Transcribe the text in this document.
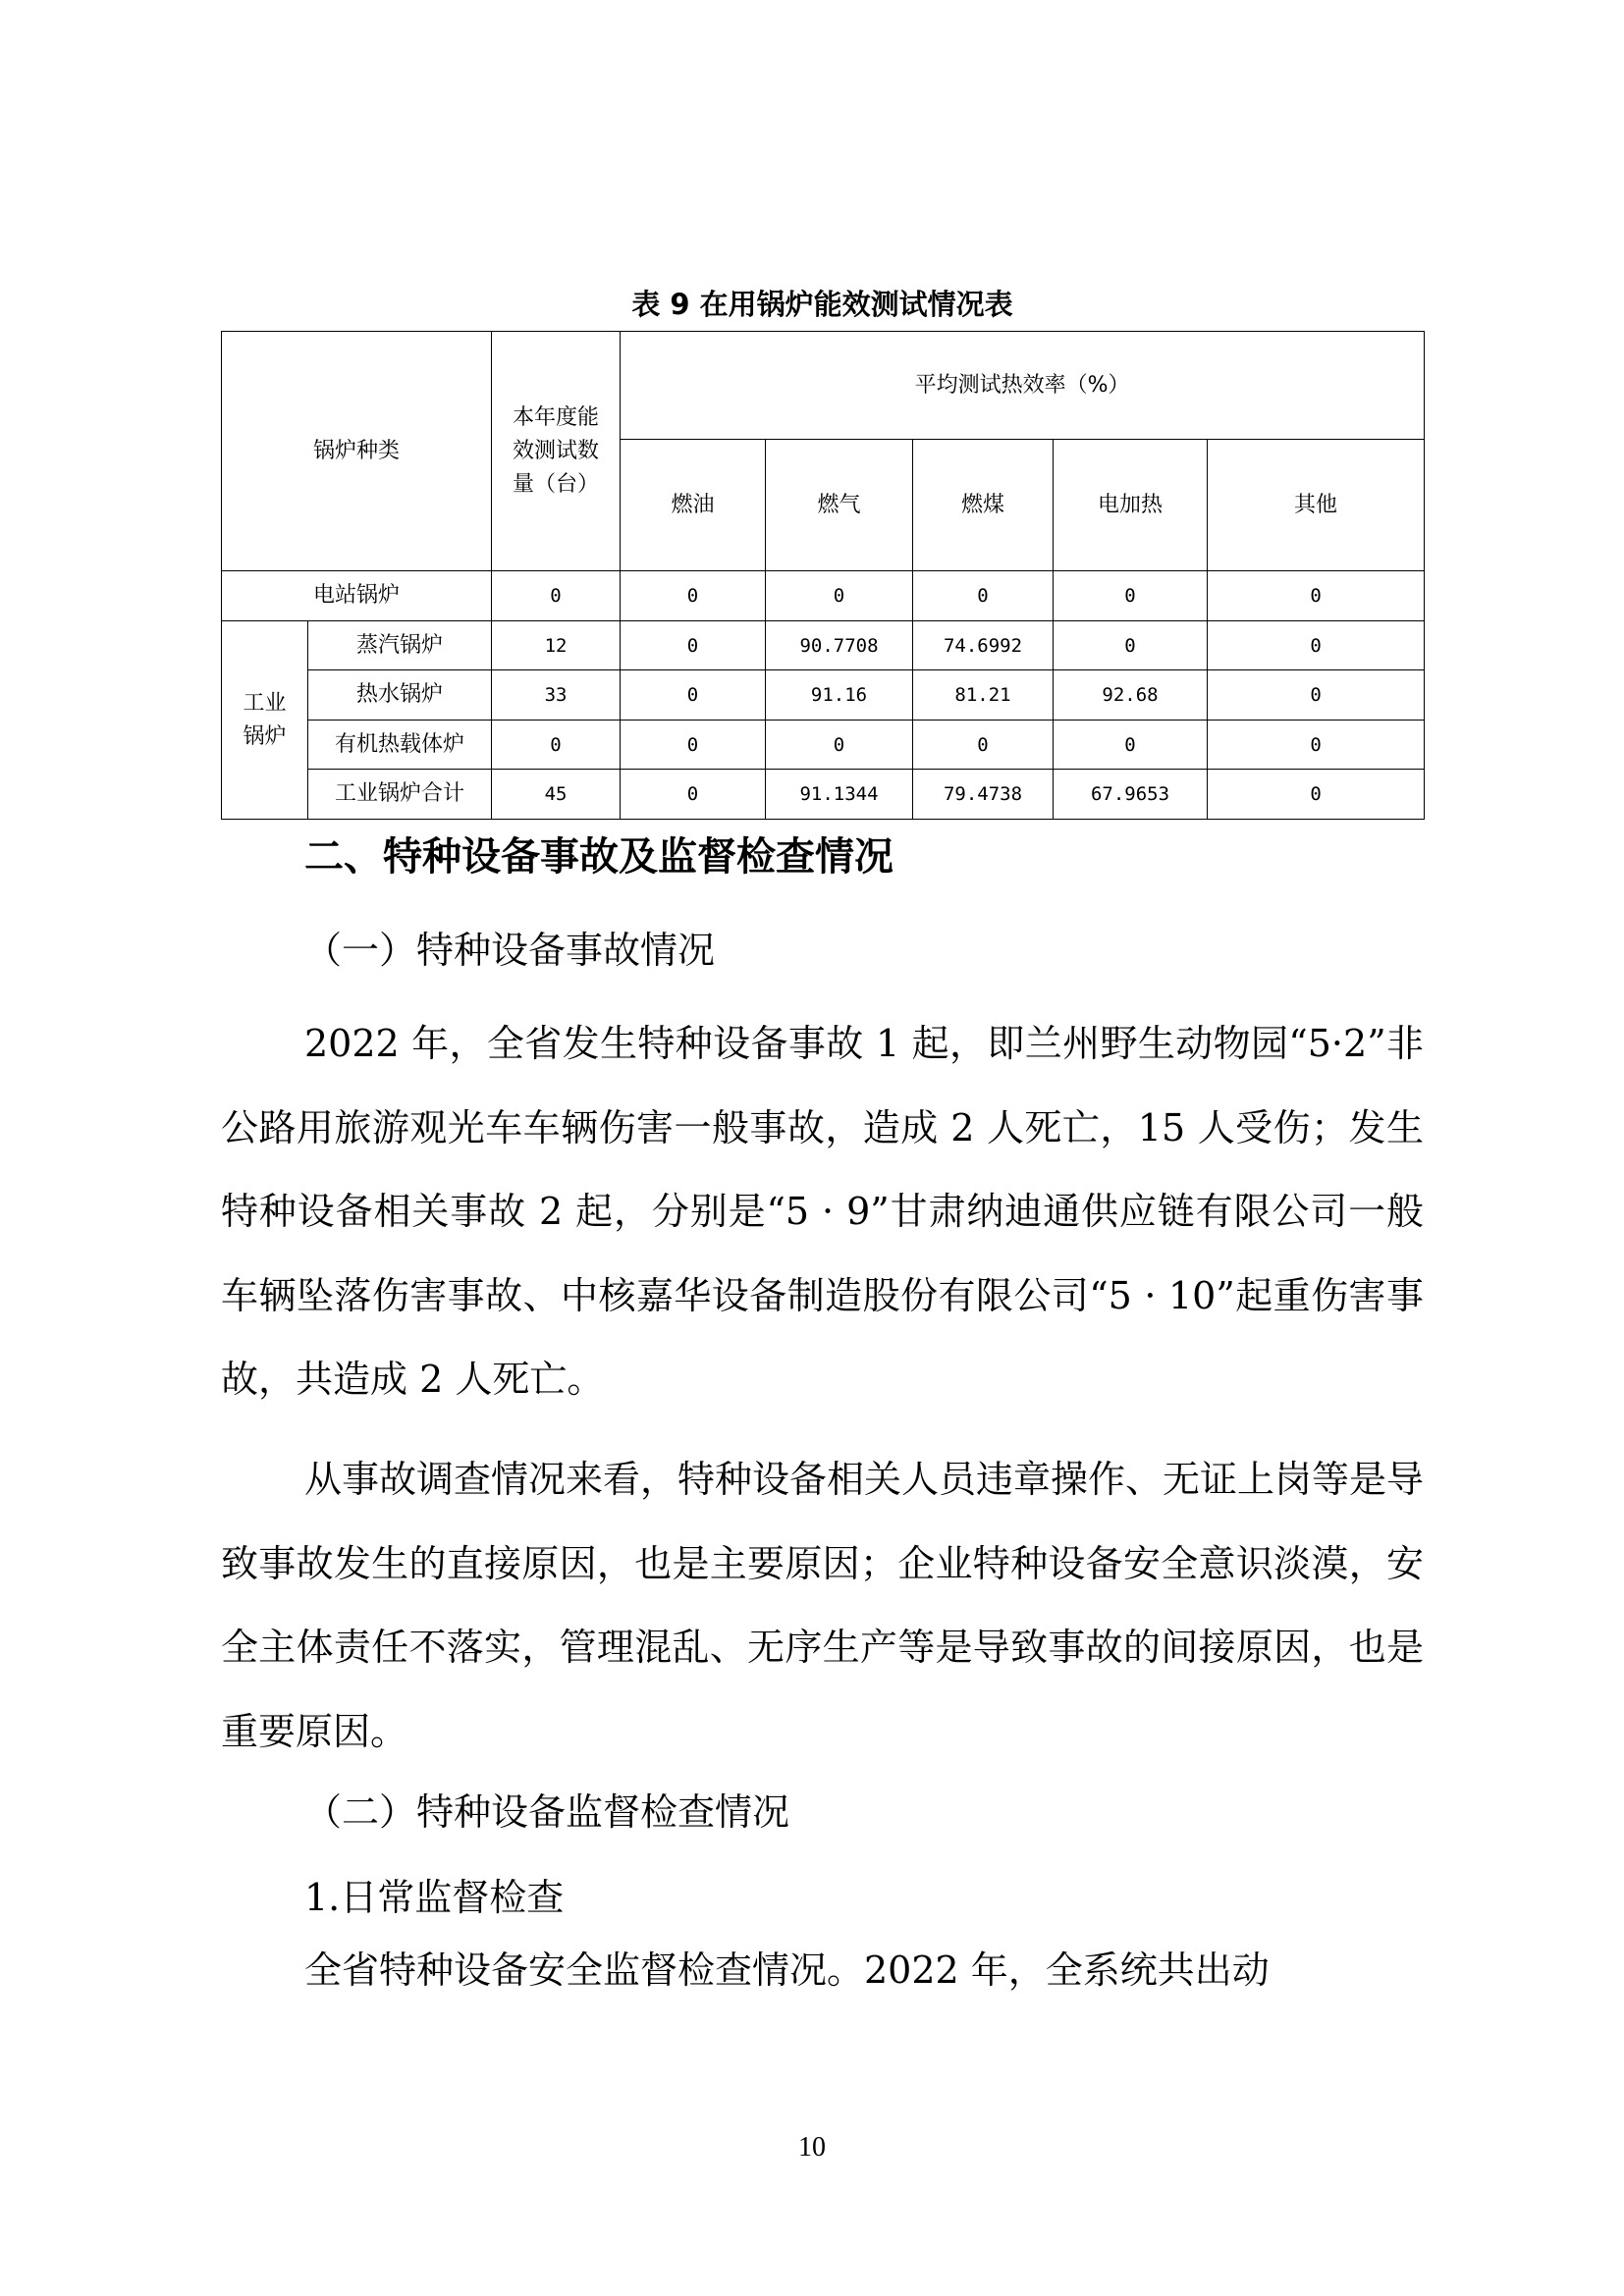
表 9 在用锅炉能效测试情况表
锅炉种类		本年度能效测试数量（台）	平均测试热效率（%）				
			燃油	燃气	燃煤	电加热	其他
电站锅炉		0	0	0	0	0	0
工业锅炉	蒸汽锅炉	12	0	90.7708	74.6992	0	0
	热水锅炉	33	0	91.16	81.21	92.68	0
	有机热载体炉	0	0	0	0	0	0
	工业锅炉合计	45	0	91.1344	79.4738	67.9653	0
二、特种设备事故及监督检查情况
（一）特种设备事故情况
2022 年，全省发生特种设备事故 1 起，即兰州野生动物园“5·2”非公路用旅游观光车车辆伤害一般事故，造成 2 人死亡，15 人受伤；发生特种设备相关事故 2 起，分别是“5 · 9”甘肃纳迪通供应链有限公司一般车辆坠落伤害事故、中核嘉华设备制造股份有限公司“5 · 10”起重伤害事故，共造成 2 人死亡。
从事故调查情况来看，特种设备相关人员违章操作、无证上岗等是导致事故发生的直接原因，也是主要原因；企业特种设备安全意识淡漠，安全主体责任不落实，管理混乱、无序生产等是导致事故的间接原因，也是重要原因。
（二）特种设备监督检查情况
1.日常监督检查
全省特种设备安全监督检查情况。2022 年，全系统共出动
10
